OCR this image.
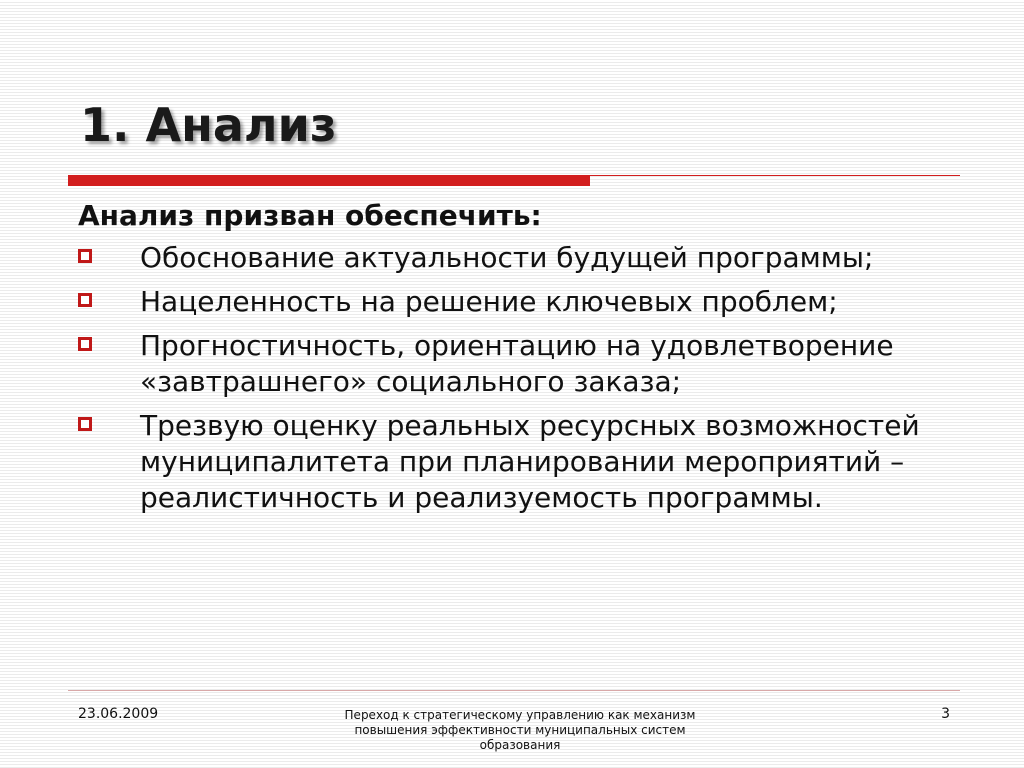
1. Анализ

Анализ призван обеспечить:

Обоснование актуальности будущей программы;
Нацеленность на решение ключевых проблем;
Прогностичность, ориентацию на удовлетворение «завтрашнего» социального заказа;
Трезвую оценку реальных ресурсных возможностей муниципалитета при планировании мероприятий – реалистичность и реализуемость программы.
23.06.2009	Переход к стратегическому управлению как механизм повышения эффективности муниципальных систем образования
3
